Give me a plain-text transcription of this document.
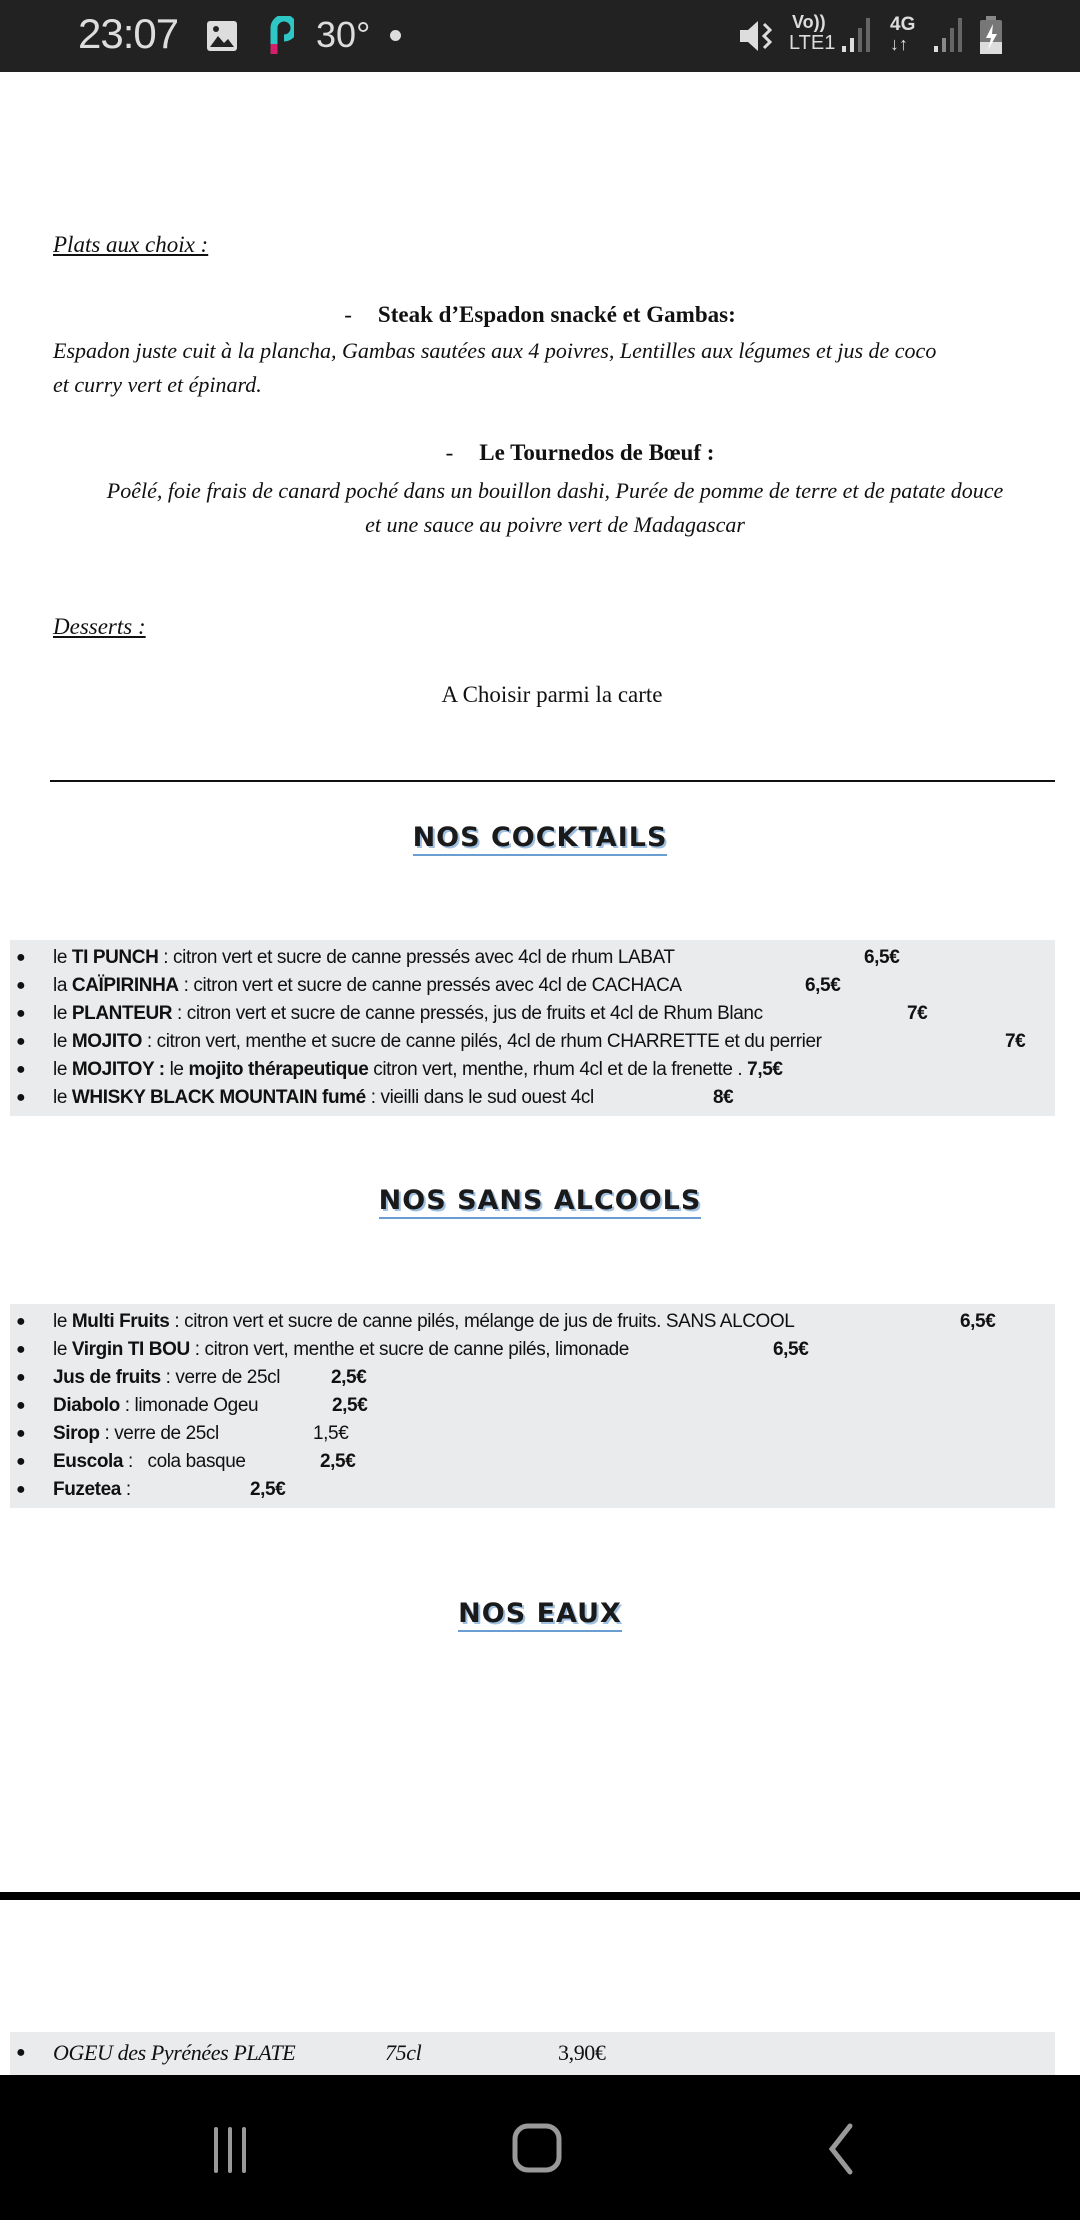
23:07	30°	Vo))
LTE1
4G
↓↑
Plats aux choix :
- Steak d’Espadon snacké et Gambas:
Espadon juste cuit à la plancha, Gambas sautées aux 4 poivres, Lentilles aux légumes et jus de coco
et curry vert et épinard.
- Le Tournedos de Bœuf :
Poêlé, foie frais de canard poché dans un bouillon dashi, Purée de pomme de terre et de patate douce
et une sauce au poivre vert de Madagascar
Desserts :
A Choisir parmi la carte
NOS COCKTAILS
● le TI PUNCH : citron vert et sucre de canne pressés avec 4cl de rhum LABAT	6,5€
● la CAÏPIRINHA : citron vert et sucre de canne pressés avec 4cl de CACHACA	6,5€
● le PLANTEUR : citron vert et sucre de canne pressés, jus de fruits et 4cl de Rhum Blanc	7€
● le MOJITO : citron vert, menthe et sucre de canne pilés, 4cl de rhum CHARRETTE et du perrier	7€
● le MOJITOY : le mojito thérapeutique citron vert, menthe, rhum 4cl et de la frenette . 7,5€
● le WHISKY BLACK MOUNTAIN fumé : vieilli dans le sud ouest 4cl	8€
NOS SANS ALCOOLS
● le Multi Fruits : citron vert et sucre de canne pilés, mélange de jus de fruits. SANS ALCOOL	6,5€
● le Virgin TI BOU : citron vert, menthe et sucre de canne pilés, limonade	6,5€
● Jus de fruits : verre de 25cl	2,5€
● Diabolo : limonade Ogeu	2,5€
● Sirop : verre de 25cl	1,5€
● Euscola :   cola basque	2,5€
● Fuzetea :	2,5€
NOS EAUX
● OGEU des Pyrénées PLATE	75cl	3,90€
